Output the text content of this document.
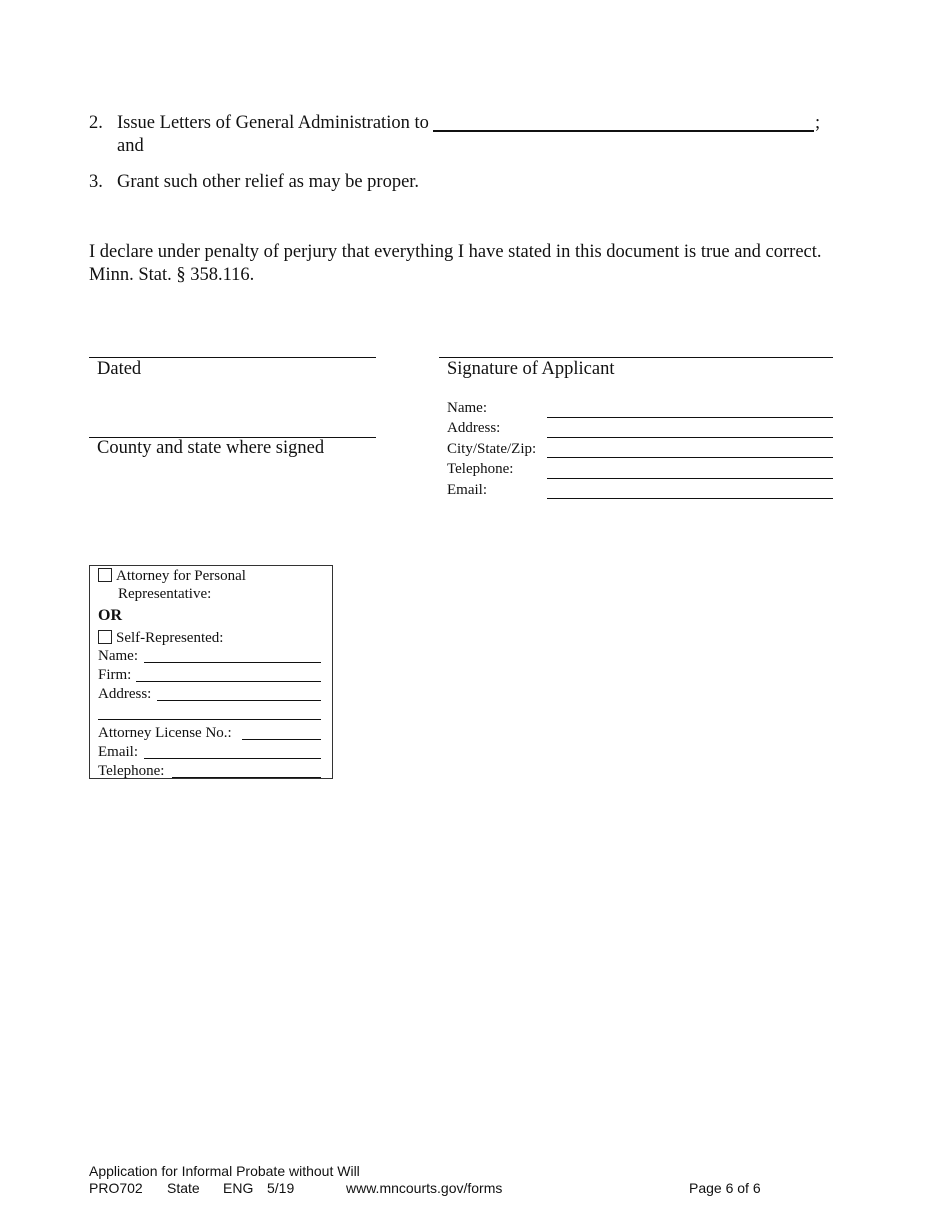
2. Issue Letters of General Administration to	;
and
3. Grant such other relief as may be proper.
I declare under penalty of perjury that everything I have stated in this document is true and correct.
Minn. Stat. § 358.116.
Dated
County and state where signed
Signature of Applicant
Name:
Address:
City/State/Zip:
Telephone:
Email:
Attorney for Personal
Representative:
OR
Self-Represented:
Name:
Firm:
Address:
Attorney License No.:
Email:
Telephone:
Application for Informal Probate without Will
PRO702 State ENG 5/19	www.mncourts.gov/forms	Page 6 of 6
